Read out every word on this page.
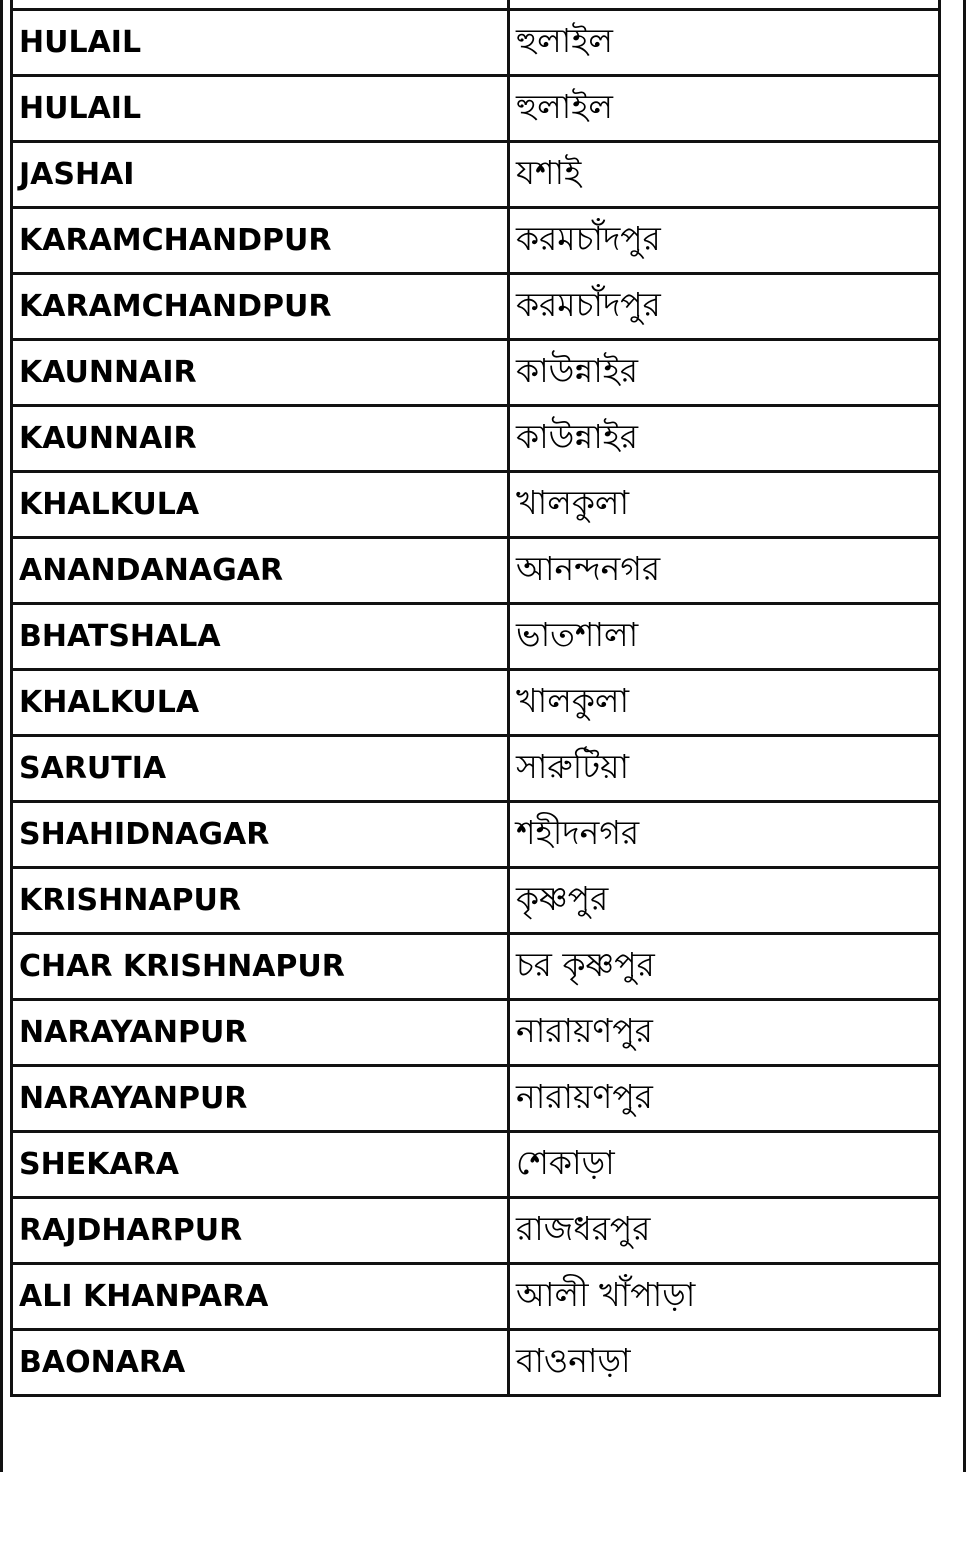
HULAIL	হুলাইল
HULAIL	হুলাইল
JASHAI	যশাই
KARAMCHANDPUR	করমচাঁদপুর
KARAMCHANDPUR	করমচাঁদপুর
KAUNNAIR	কাউন্নাইর
KAUNNAIR	কাউন্নাইর
KHALKULA	খালকুলা
ANANDANAGAR	আনন্দনগর
BHATSHALA	ভাতশালা
KHALKULA	খালকুলা
SARUTIA	সারুটিয়া
SHAHIDNAGAR	শহীদনগর
KRISHNAPUR	কৃষ্ণপুর
CHAR KRISHNAPUR	চর কৃষ্ণপুর
NARAYANPUR	নারায়ণপুর
NARAYANPUR	নারায়ণপুর
SHEKARA	শেকাড়া
RAJDHARPUR	রাজধরপুর
ALI KHANPARA	আলী খাঁপাড়া
BAONARA	বাওনাড়া
